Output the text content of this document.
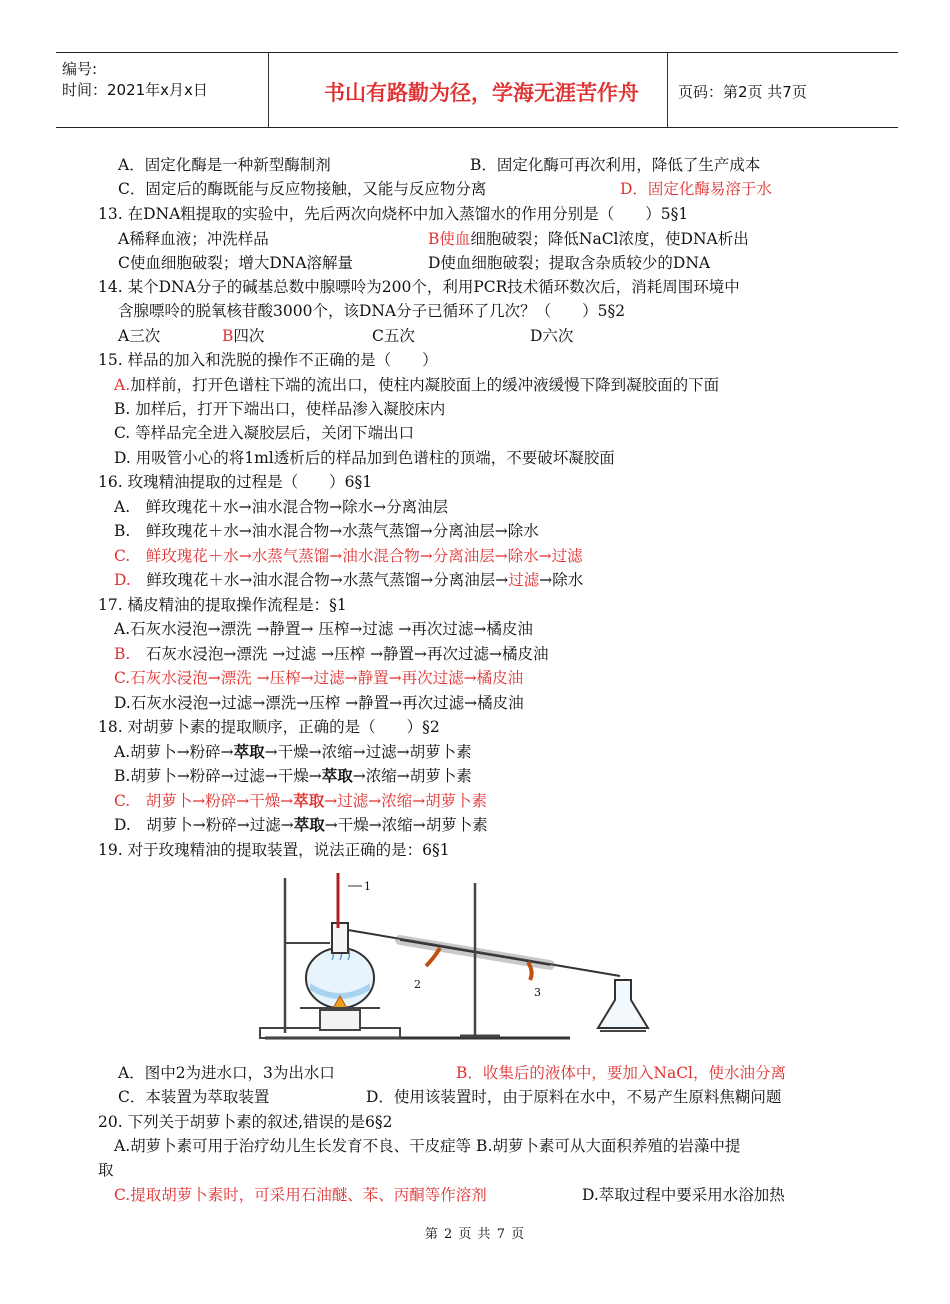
编号:
时间：2021年x月x日	书山有路勤为径，学海无涯苦作舟	页码：第2页 共7页
A．固定化酶是一种新型酶制剂	B．固定化酶可再次利用，降低了生产成本
C．固定后的酶既能与反应物接触，又能与反应物分离	D．固定化酶易溶于水
13. 在DNA粗提取的实验中，先后两次向烧杯中加入蒸馏水的作用分别是（　　）5§1
A稀释血液；冲洗样品	B使血细胞破裂；降低NaCl浓度，使DNA析出
C使血细胞破裂；增大DNA溶解量	D使血细胞破裂；提取含杂质较少的DNA
14. 某个DNA分子的碱基总数中腺嘌呤为200个，利用PCR技术循环数次后，消耗周围环境中
含腺嘌呤的脱氧核苷酸3000个，该DNA分子已循环了几次？（　　）5§2
A三次	B四次	C五次	D六次
15. 样品的加入和洗脱的操作不正确的是（　　）
A.加样前，打开色谱柱下端的流出口，使柱内凝胶面上的缓冲液缓慢下降到凝胶面的下面
B. 加样后，打开下端出口，使样品渗入凝胶床内
C. 等样品完全进入凝胶层后，关闭下端出口
D. 用吸管小心的将1ml透析后的样品加到色谱柱的顶端，不要破坏凝胶面
16. 玫瑰精油提取的过程是（　　）6§1
A.　鲜玫瑰花＋水→油水混合物→除水→分离油层
B.　鲜玫瑰花＋水→油水混合物→水蒸气蒸馏→分离油层→除水
C.　鲜玫瑰花＋水→水蒸气蒸馏→油水混合物→分离油层→除水→过滤
D.　鲜玫瑰花＋水→油水混合物→水蒸气蒸馏→分离油层→过滤→除水
17. 橘皮精油的提取操作流程是：§1
A.石灰水浸泡→漂洗 →静置→ 压榨→过滤 →再次过滤→橘皮油
B.　石灰水浸泡→漂洗 →过滤 →压榨 →静置→再次过滤→橘皮油
C.石灰水浸泡→漂洗 →压榨→过滤→静置→再次过滤→橘皮油
D.石灰水浸泡→过滤→漂洗→压榨 →静置→再次过滤→橘皮油
18. 对胡萝卜素的提取顺序，正确的是（　　）§2
A.胡萝卜→粉碎→萃取→干燥→浓缩→过滤→胡萝卜素
B.胡萝卜→粉碎→过滤→干燥→萃取→浓缩→胡萝卜素
C.　胡萝卜→粉碎→干燥→萃取→过滤→浓缩→胡萝卜素
D.　胡萝卜→粉碎→过滤→萃取→干燥→浓缩→胡萝卜素
19. 对于玫瑰精油的提取装置，说法正确的是：6§1
1
2
3
A．图中2为进水口，3为出水口	B．收集后的液体中，要加入NaCl，使水油分离
C．本装置为萃取装置	D．使用该装置时，由于原料在水中，不易产生原料焦糊问题
20. 下列关于胡萝卜素的叙述,错误的是6§2
A.胡萝卜素可用于治疗幼儿生长发育不良、干皮症等 B.胡萝卜素可从大面积养殖的岩藻中提
取
C.提取胡萝卜素时，可采用石油醚、苯、丙酮等作溶剂	D.萃取过程中要采用水浴加热
第 2 页 共 7 页
